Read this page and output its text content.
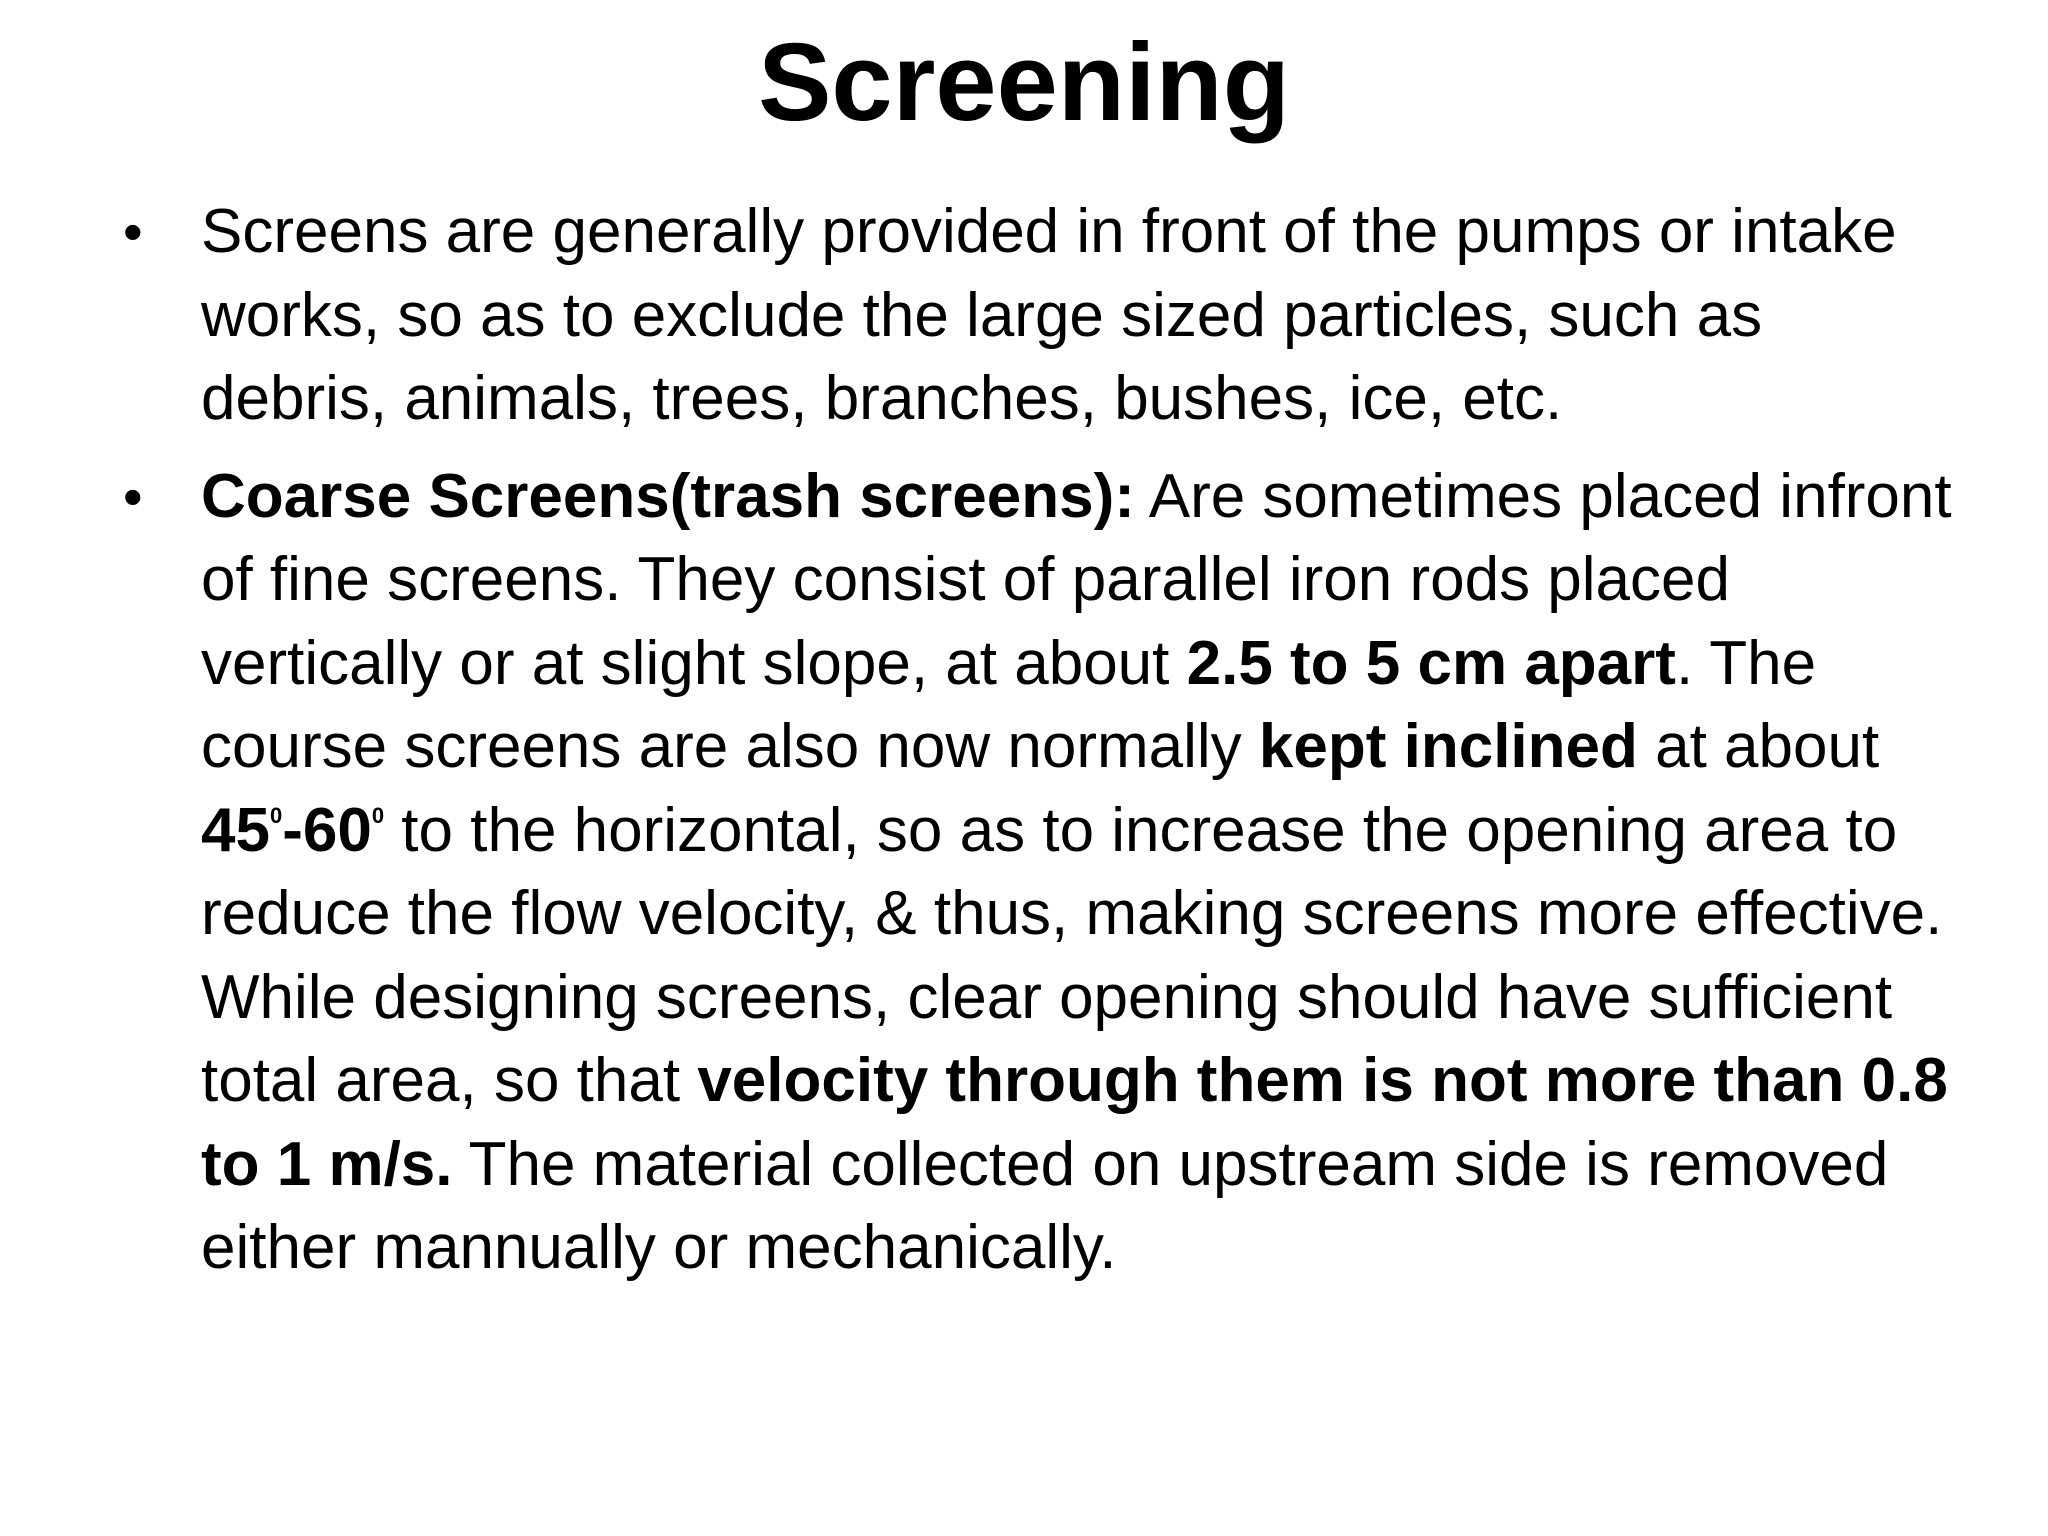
Screening
• Screens are generally provided in front of the pumps or intake works, so as to exclude the large sized particles, such as debris, animals, trees, branches, bushes, ice, etc.
• Coarse Screens(trash screens): Are sometimes placed infront of fine screens. They consist of parallel iron rods placed vertically or at slight slope, at about 2.5 to 5 cm apart. The course screens are also now normally kept inclined at about $45^0-60^0$ to the horizontal, so as to increase the opening area to reduce the flow velocity, & thus, making screens more effective. While designing screens, clear opening should have sufficient total area, so that velocity through them is not more than 0.8 to 1 m/s. The material collected on upstream side is removed either mannually or mechanically.
